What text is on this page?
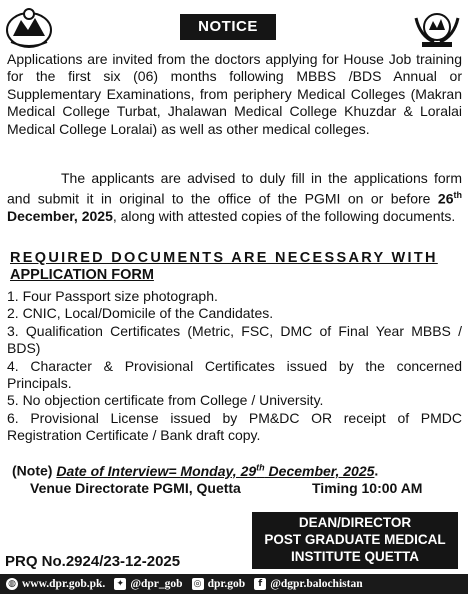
NOTICE
Applications are invited from the doctors applying for House Job training for the first six (06) months following MBBS /BDS Annual or Supplementary Examinations, from periphery Medical Colleges (Makran Medical College Turbat, Jhalawan Medical College Khuzdar & Loralai Medical College Loralai) as well as other medical colleges.
The applicants are advised to duly fill in the applications form and submit it in original to the office of the PGMI on or before 26th December, 2025, along with attested copies of the following documents.
REQUIRED DOCUMENTS ARE NECESSARY WITH
APPLICATION FORM
1. Four Passport size photograph.
2. CNIC, Local/Domicile of the Candidates.
3. Qualification Certificates (Metric, FSC, DMC of Final Year MBBS / BDS)
4. Character & Provisional Certificates issued by the concerned Principals.
5. No objection certificate from College / University.
6. Provisional License issued by PM&DC OR receipt of PMDC Registration Certificate / Bank draft copy.
(Note) Date of Interview= Monday, 29th December, 2025.
Venue Directorate PGMI, Quetta	Timing 10:00 AM
DEAN/DIRECTOR
POST GRADUATE MEDICAL
INSTITUTE QUETTA
PRQ No.2924/23-12-2025
◍ www.dpr.gob.pk. ✦ @dpr_gob ◎ dpr.gob	f @dgpr.balochistan
